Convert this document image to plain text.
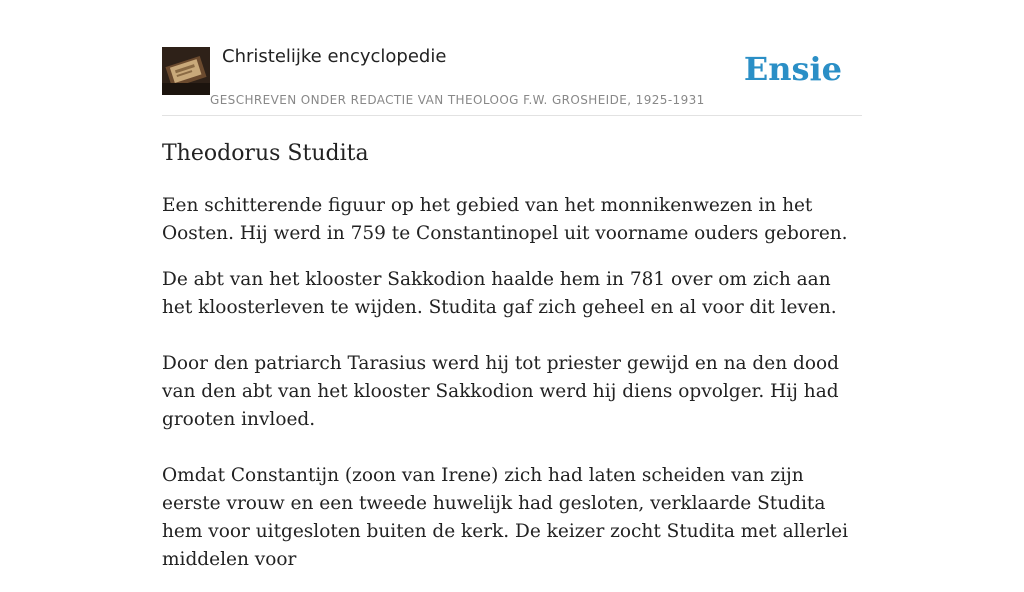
Christelijke encyclopedie
GESCHREVEN ONDER REDACTIE VAN THEOLOOG F.W. GROSHEIDE, 1925-1931
Ensie
Theodorus Studita

Een schitterende figuur op het gebied van het monnikenwezen in het Oosten. Hij werd in 759 te Constantinopel uit voorname ouders geboren.

De abt van het klooster Sakkodion haalde hem in 781 over om zich aan het kloosterleven te wijden. Studita gaf zich geheel en al voor dit leven.

Door den patriarch Tarasius werd hij tot priester gewijd en na den dood van den abt van het klooster Sakkodion werd hij diens opvolger. Hij had grooten invloed.

Omdat Constantijn (zoon van Irene) zich had laten scheiden van zijn eerste vrouw en een tweede huwelijk had gesloten, verklaarde Studita hem voor uitgesloten buiten de kerk. De keizer zocht Studita met allerlei middelen voor
